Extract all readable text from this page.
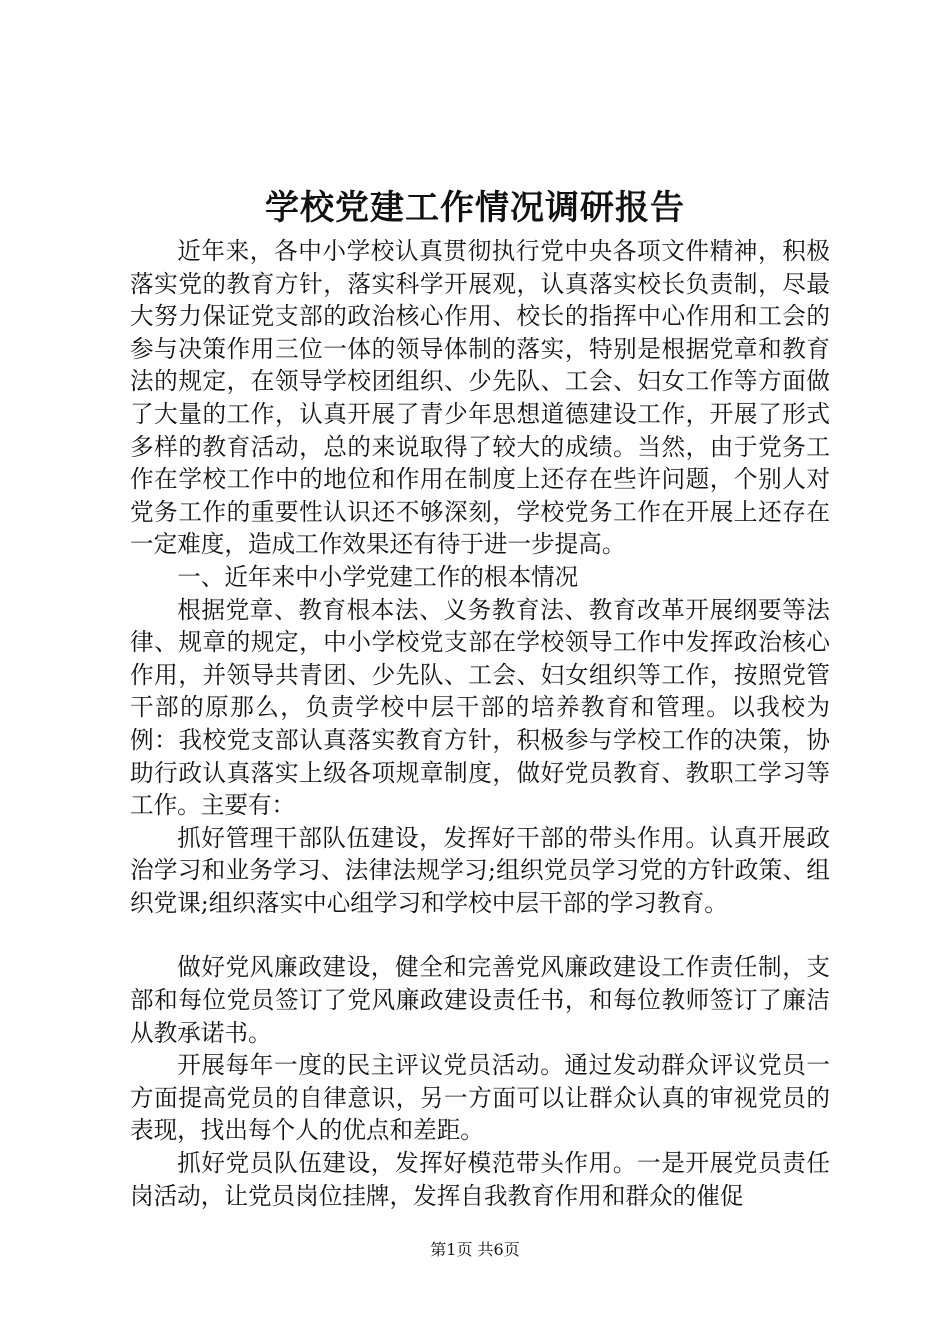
学校党建工作情况调研报告

近年来，各中小学校认真贯彻执行党中央各项文件精神，积极落实党的教育方针，落实科学开展观，认真落实校长负责制，尽最大努力保证党支部的政治核心作用、校长的指挥中心作用和工会的参与决策作用三位一体的领导体制的落实，特别是根据党章和教育法的规定，在领导学校团组织、少先队、工会、妇女工作等方面做了大量的工作，认真开展了青少年思想道德建设工作，开展了形式多样的教育活动，总的来说取得了较大的成绩。当然，由于党务工作在学校工作中的地位和作用在制度上还存在些许问题，个别人对党务工作的重要性认识还不够深刻，学校党务工作在开展上还存在一定难度，造成工作效果还有待于进一步提高。

一、近年来中小学党建工作的根本情况

根据党章、教育根本法、义务教育法、教育改革开展纲要等法律、规章的规定，中小学校党支部在学校领导工作中发挥政治核心作用，并领导共青团、少先队、工会、妇女组织等工作，按照党管干部的原那么，负责学校中层干部的培养教育和管理。以我校为例：我校党支部认真落实教育方针，积极参与学校工作的决策，协助行政认真落实上级各项规章制度，做好党员教育、教职工学习等工作。主要有：

抓好管理干部队伍建设，发挥好干部的带头作用。认真开展政治学习和业务学习、法律法规学习;组织党员学习党的方针政策、组织党课;组织落实中心组学习和学校中层干部的学习教育。

做好党风廉政建设，健全和完善党风廉政建设工作责任制，支部和每位党员签订了党风廉政建设责任书，和每位教师签订了廉洁从教承诺书。

开展每年一度的民主评议党员活动。通过发动群众评议党员一方面提高党员的自律意识，另一方面可以让群众认真的审视党员的表现，找出每个人的优点和差距。

抓好党员队伍建设，发挥好模范带头作用。一是开展党员责任岗活动，让党员岗位挂牌，发挥自我教育作用和群众的催促

第1页 共6页
